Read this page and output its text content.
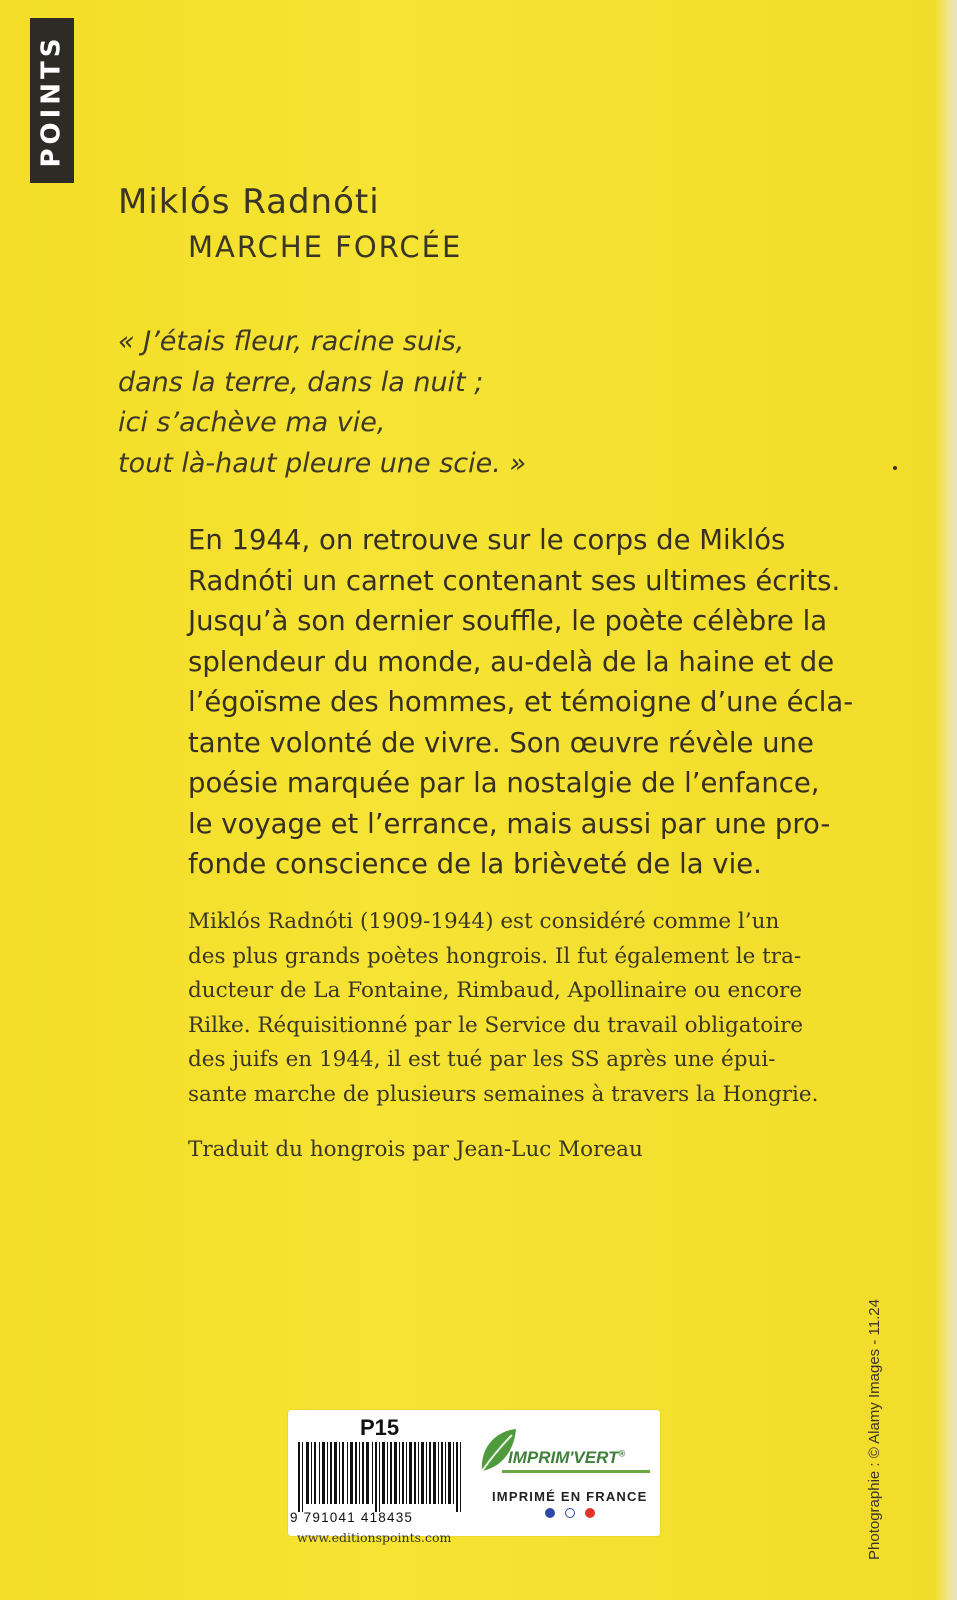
POINTS
Miklós Radnóti
MARCHE FORCÉE
« J’étais fleur, racine suis,
dans la terre, dans la nuit ;
ici s’achève ma vie,
tout là-haut pleure une scie. »
En 1944, on retrouve sur le corps de Miklós
Radnóti un carnet contenant ses ultimes écrits.
Jusqu’à son dernier souffle, le poète célèbre la
splendeur du monde, au-delà de la haine et de
l’égoïsme des hommes, et témoigne d’une écla-
tante volonté de vivre. Son œuvre révèle une
poésie marquée par la nostalgie de l’enfance,
le voyage et l’errance, mais aussi par une pro-
fonde conscience de la brièveté de la vie.
Miklós Radnóti (1909-1944) est considéré comme l’un
des plus grands poètes hongrois. Il fut également le tra-
ducteur de La Fontaine, Rimbaud, Apollinaire ou encore
Rilke. Réquisitionné par le Service du travail obligatoire
des juifs en 1944, il est tué par les SS après une épui-
sante marche de plusieurs semaines à travers la Hongrie.
Traduit du hongrois par Jean-Luc Moreau
Photographie : © Alamy Images - 11.24
P15
9 791041 418435
www.editionspoints.com
IMPRIM'VERT®
IMPRIMÉ EN FRANCE
